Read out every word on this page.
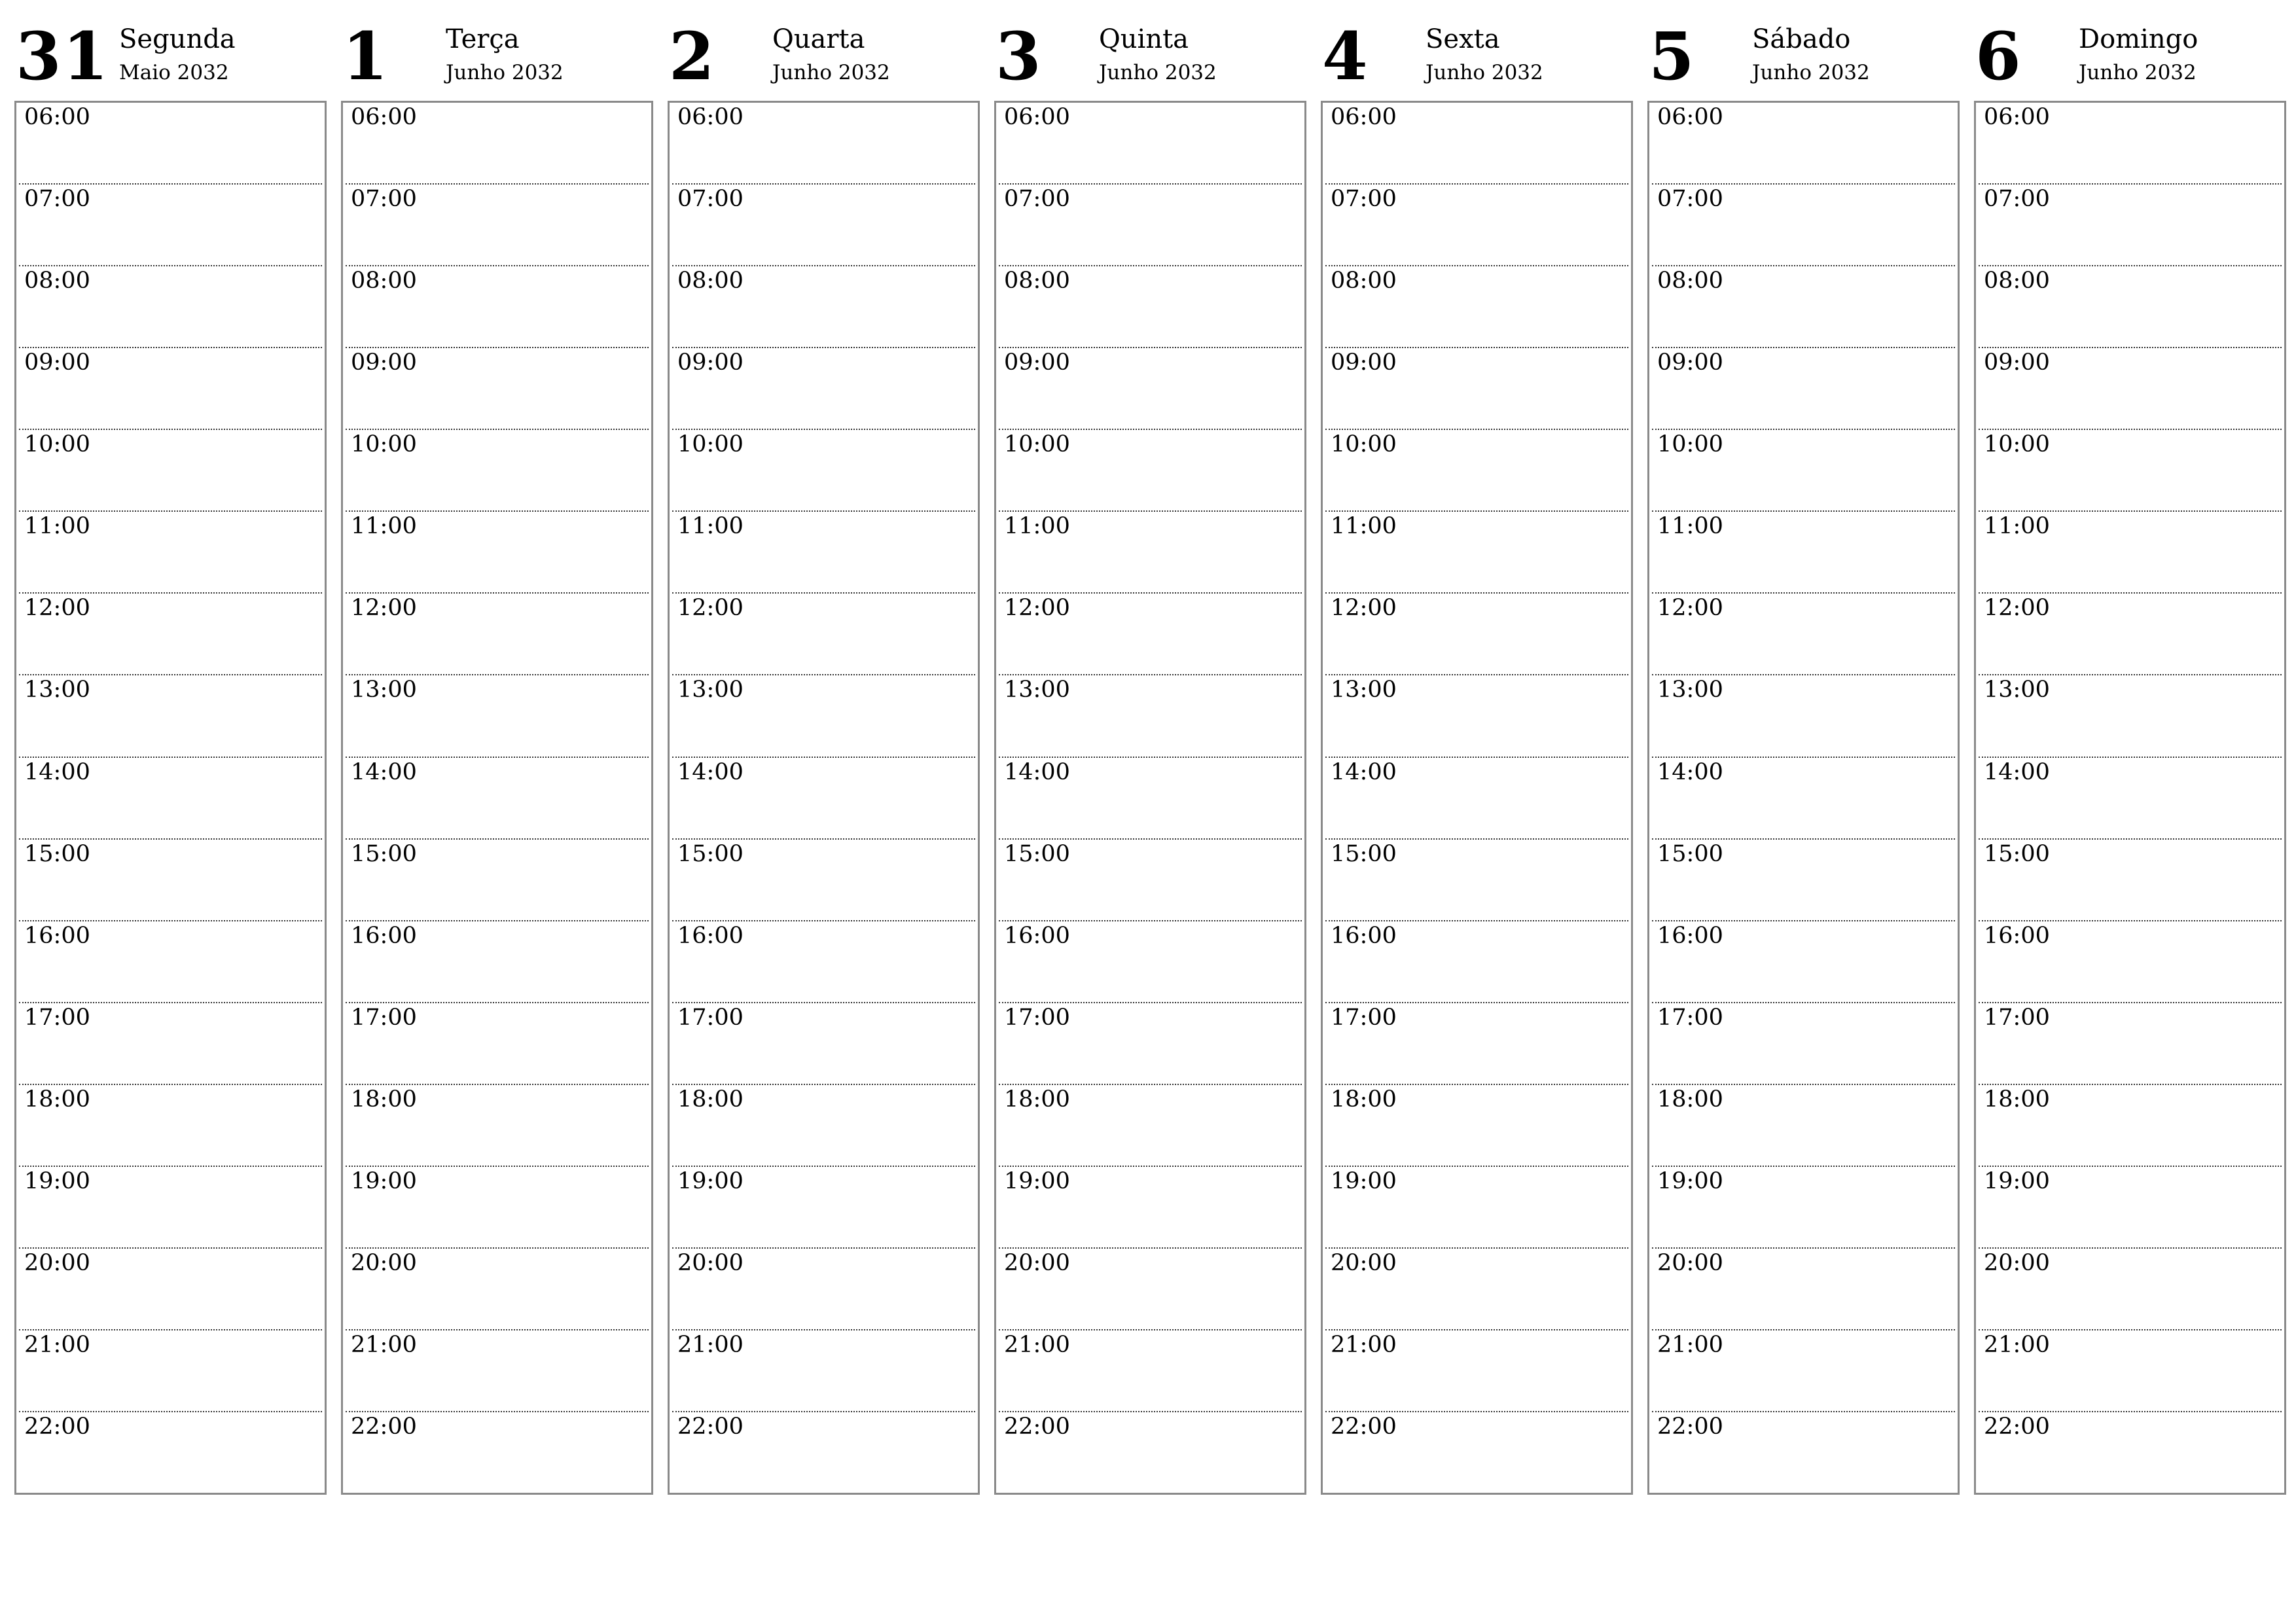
31 Segunda
Maio 2032
06:00
07:00
08:00
09:00
10:00
11:00
12:00
13:00
14:00
15:00
16:00
17:00
18:00
19:00
20:00
21:00
22:00
1 Terça
Junho 2032
06:00
07:00
08:00
09:00
10:00
11:00
12:00
13:00
14:00
15:00
16:00
17:00
18:00
19:00
20:00
21:00
22:00
2 Quarta
Junho 2032
06:00
07:00
08:00
09:00
10:00
11:00
12:00
13:00
14:00
15:00
16:00
17:00
18:00
19:00
20:00
21:00
22:00
3 Quinta
Junho 2032
06:00
07:00
08:00
09:00
10:00
11:00
12:00
13:00
14:00
15:00
16:00
17:00
18:00
19:00
20:00
21:00
22:00
4 Sexta
Junho 2032
06:00
07:00
08:00
09:00
10:00
11:00
12:00
13:00
14:00
15:00
16:00
17:00
18:00
19:00
20:00
21:00
22:00
5 Sábado
Junho 2032
06:00
07:00
08:00
09:00
10:00
11:00
12:00
13:00
14:00
15:00
16:00
17:00
18:00
19:00
20:00
21:00
22:00
6 Domingo
Junho 2032
06:00
07:00
08:00
09:00
10:00
11:00
12:00
13:00
14:00
15:00
16:00
17:00
18:00
19:00
20:00
21:00
22:00
